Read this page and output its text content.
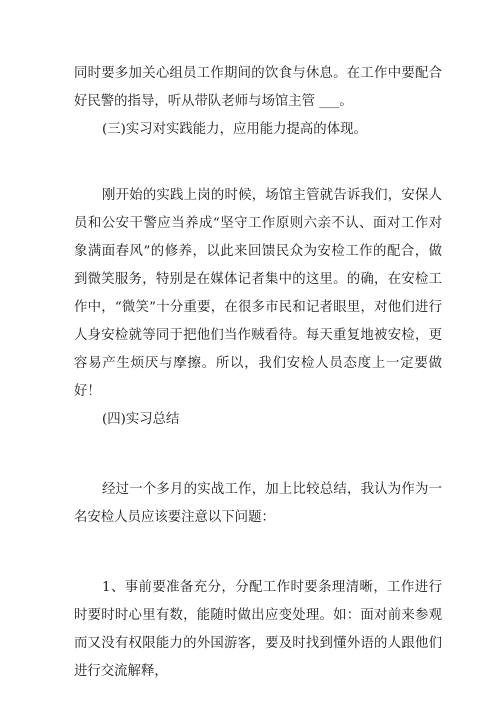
同时要多加关心组员工作期间的饮食与休息。在工作中要配合好民警的指导，听从带队老师与场馆主管 ___。

(三)实习对实践能力，应用能力提高的体现。

刚开始的实践上岗的时候，场馆主管就告诉我们，安保人员和公安干警应当养成“坚守工作原则六亲不认、面对工作对象满面春风”的修养，以此来回馈民众为安检工作的配合，做到微笑服务，特别是在媒体记者集中的这里。的确，在安检工作中，“微笑”十分重要，在很多市民和记者眼里，对他们进行人身安检就等同于把他们当作贼看待。每天重复地被安检，更容易产生烦厌与摩擦。所以，我们安检人员态度上一定要做好！

(四)实习总结

经过一个多月的实战工作，加上比较总结，我认为作为一名安检人员应该要注意以下问题：

1、事前要准备充分，分配工作时要条理清晰，工作进行时要时时心里有数，能随时做出应变处理。如：面对前来参观而又没有权限能力的外国游客，要及时找到懂外语的人跟他们进行交流解释，
